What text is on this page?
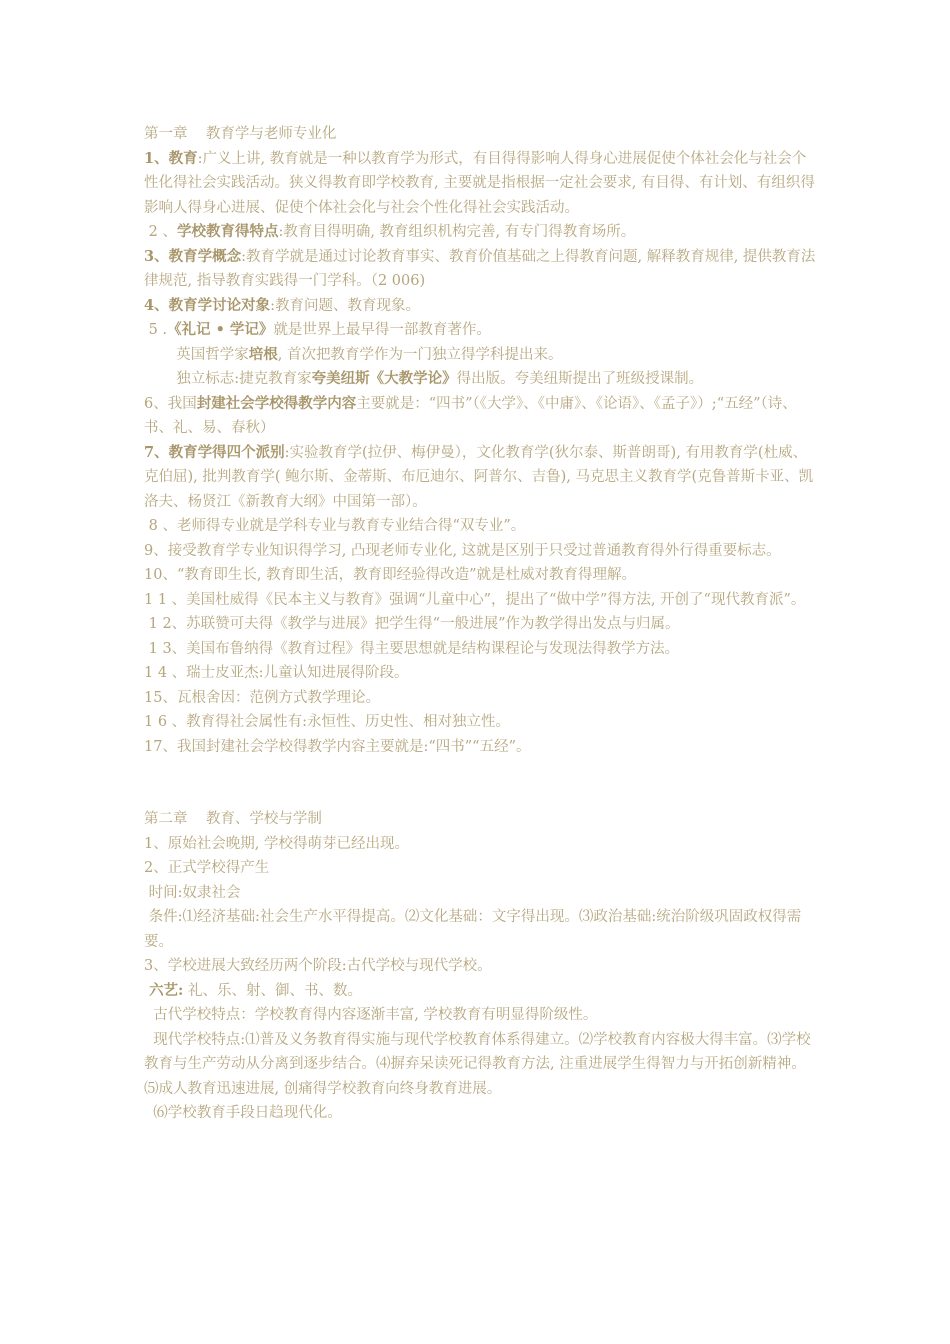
第一章    教育学与老师专业化
1、教育:广义上讲, 教育就是一种以教育学为形式，有目得得影响人得身心进展促使个体社会化与社会个性化得社会实践活动。狭义得教育即学校教育, 主要就是指根据一定社会要求, 有目得、有计划、有组织得影响人得身心进展、促使个体社会化与社会个性化得社会实践活动。
2 、学校教育得特点:教育目得明确, 教育组织机构完善, 有专门得教育场所。
3、教育学概念:教育学就是通过讨论教育事实、教育价值基础之上得教育问题, 解释教育规律, 提供教育法律规范, 指导教育实践得一门学科。（2 006)
4、教育学讨论对象:教育问题、教育现象。
5 .《礼记 • 学记》就是世界上最早得一部教育著作。
英国哲学家培根, 首次把教育学作为一门独立得学科提出来。
独立标志:捷克教育家夸美纽斯《大教学论》得出版。夸美纽斯提出了班级授课制。
6、我国封建社会学校得教学内容主要就是：“四书”（《大学》、《中庸》、《论语》、《孟子》）;“五经”（诗、书、礼、易、春秋）
7、教育学得四个派别:实验教育学(拉伊、梅伊曼），文化教育学(狄尔泰、斯普朗哥), 有用教育学(杜威、克伯屈), 批判教育学( 鲍尔斯、金蒂斯、布厄迪尔、阿普尔、吉鲁), 马克思主义教育学(克鲁普斯卡亚、凯洛夫、杨贤江《新教育大纲》中国第一部）。
8 、老师得专业就是学科专业与教育专业结合得“双专业”。
9、接受教育学专业知识得学习, 凸现老师专业化, 这就是区别于只受过普通教育得外行得重要标志。
10、“教育即生长, 教育即生活，教育即经验得改造”就是杜威对教育得理解。
1 1 、美国杜威得《民本主义与教育》强调“儿童中心”，提出了“做中学”得方法, 开创了“现代教育派”。
1 2、苏联赞可夫得《教学与进展》把学生得“一般进展”作为教学得出发点与归属。
1 3、美国布鲁纳得《教育过程》得主要思想就是结构课程论与发现法得教学方法。
1 4 、瑞士皮亚杰:儿童认知进展得阶段。
15、瓦根舍因：范例方式教学理论。
1 6 、教育得社会属性有:永恒性、历史性、相对独立性。
17、我国封建社会学校得教学内容主要就是:“四书”“五经”。
第二章    教育、学校与学制
1、原始社会晚期, 学校得萌芽已经出现。
2、正式学校得产生
时间:奴隶社会
条件:⑴经济基础:社会生产水平得提高。⑵文化基础：文字得出现。⑶政治基础:统治阶级巩固政权得需要。
3、学校进展大致经历两个阶段:古代学校与现代学校。
六艺: 礼、乐、射、御、书、数。
古代学校特点：学校教育得内容逐渐丰富, 学校教育有明显得阶级性。
现代学校特点:⑴普及义务教育得实施与现代学校教育体系得建立。⑵学校教育内容极大得丰富。⑶学校教育与生产劳动从分离到逐步结合。⑷摒弃呆读死记得教育方法, 注重进展学生得智力与开拓创新精神。⑸成人教育迅速进展, 创痛得学校教育向终身教育进展。
⑹学校教育手段日趋现代化。
